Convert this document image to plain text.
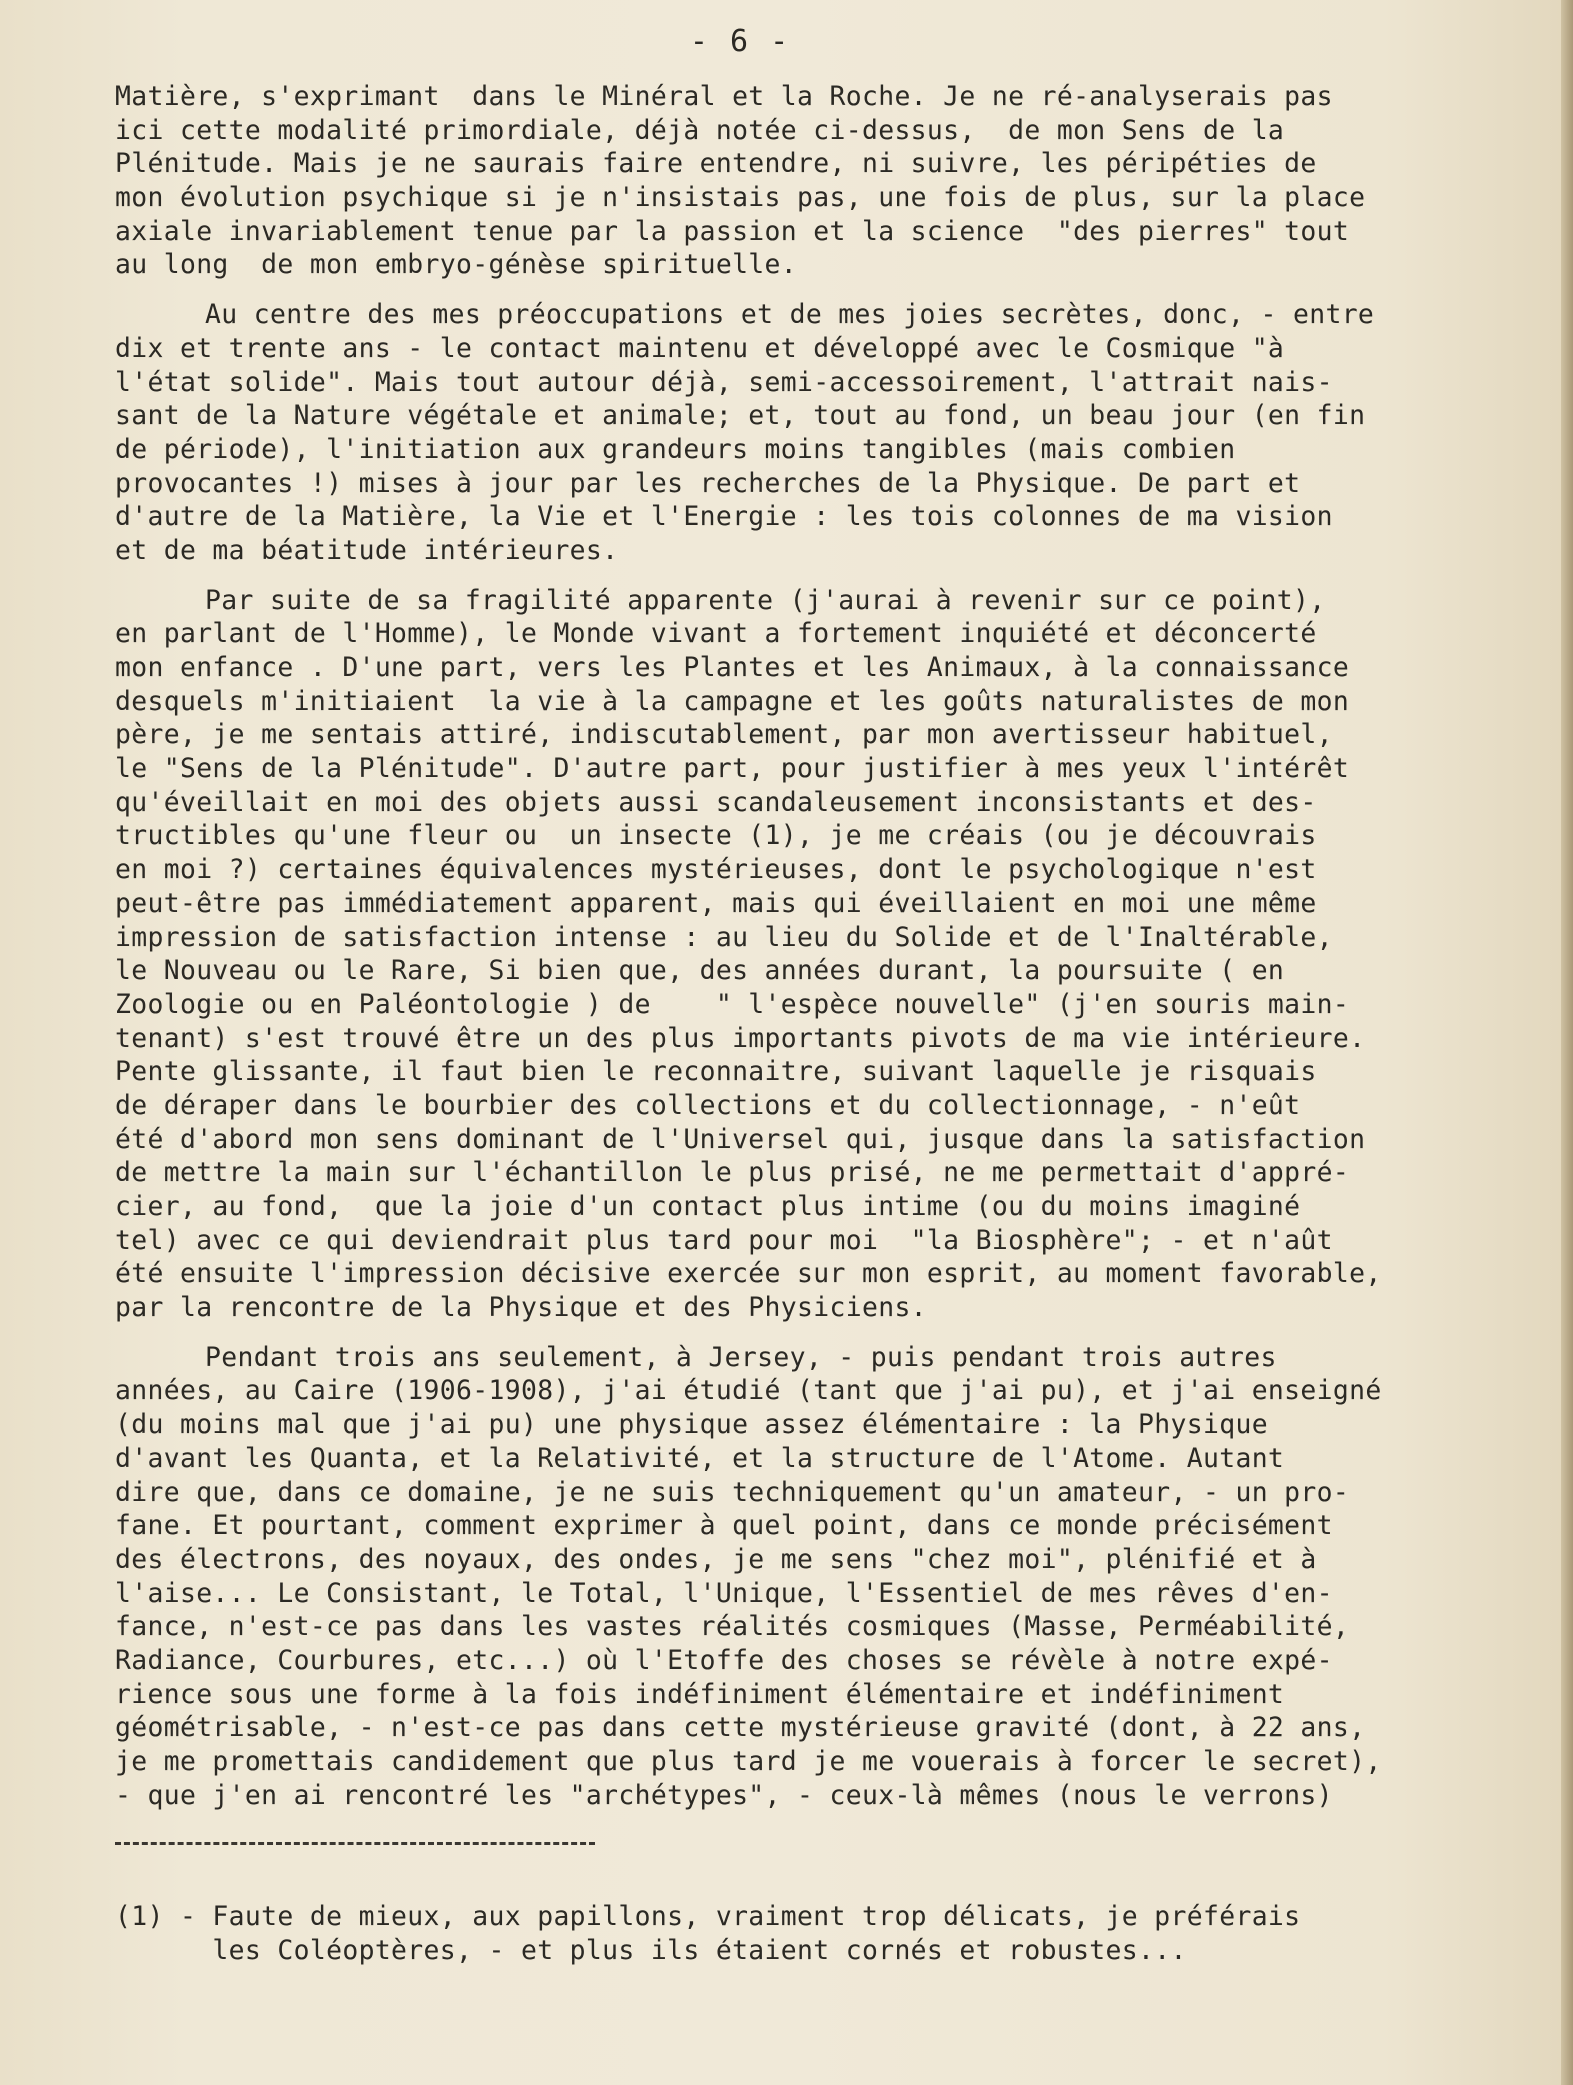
- 6 -
Matière, s'exprimant  dans le Minéral et la Roche. Je ne ré-analyserais pas
ici cette modalité primordiale, déjà notée ci-dessus,  de mon Sens de la
Plénitude. Mais je ne saurais faire entendre, ni suivre, les péripéties de
mon évolution psychique si je n'insistais pas, une fois de plus, sur la place
axiale invariablement tenue par la passion et la science  "des pierres" tout
au long  de mon embryo-génèse spirituelle.
Au centre des mes préoccupations et de mes joies secrètes, donc, - entre
dix et trente ans - le contact maintenu et développé avec le Cosmique "à
l'état solide". Mais tout autour déjà, semi-accessoirement, l'attrait nais-
sant de la Nature végétale et animale; et, tout au fond, un beau jour (en fin
de période), l'initiation aux grandeurs moins tangibles (mais combien
provocantes !) mises à jour par les recherches de la Physique. De part et
d'autre de la Matière, la Vie et l'Energie : les tois colonnes de ma vision
et de ma béatitude intérieures.
Par suite de sa fragilité apparente (j'aurai à revenir sur ce point),
en parlant de l'Homme), le Monde vivant a fortement inquiété et déconcerté
mon enfance . D'une part, vers les Plantes et les Animaux, à la connaissance
desquels m'initiaient  la vie à la campagne et les goûts naturalistes de mon
père, je me sentais attiré, indiscutablement, par mon avertisseur habituel,
le "Sens de la Plénitude". D'autre part, pour justifier à mes yeux l'intérêt
qu'éveillait en moi des objets aussi scandaleusement inconsistants et des-
tructibles qu'une fleur ou  un insecte (1), je me créais (ou je découvrais
en moi ?) certaines équivalences mystérieuses, dont le psychologique n'est
peut-être pas immédiatement apparent, mais qui éveillaient en moi une même
impression de satisfaction intense : au lieu du Solide et de l'Inaltérable,
le Nouveau ou le Rare, Si bien que, des années durant, la poursuite ( en
Zoologie ou en Paléontologie ) de    " l'espèce nouvelle" (j'en souris main-
tenant) s'est trouvé être un des plus importants pivots de ma vie intérieure.
Pente glissante, il faut bien le reconnaitre, suivant laquelle je risquais
de déraper dans le bourbier des collections et du collectionnage, - n'eût
été d'abord mon sens dominant de l'Universel qui, jusque dans la satisfaction
de mettre la main sur l'échantillon le plus prisé, ne me permettait d'appré-
cier, au fond,  que la joie d'un contact plus intime (ou du moins imaginé
tel) avec ce qui deviendrait plus tard pour moi  "la Biosphère"; - et n'aût
été ensuite l'impression décisive exercée sur mon esprit, au moment favorable,
par la rencontre de la Physique et des Physiciens.
Pendant trois ans seulement, à Jersey, - puis pendant trois autres
années, au Caire (1906-1908), j'ai étudié (tant que j'ai pu), et j'ai enseigné
(du moins mal que j'ai pu) une physique assez élémentaire : la Physique
d'avant les Quanta, et la Relativité, et la structure de l'Atome. Autant
dire que, dans ce domaine, je ne suis techniquement qu'un amateur, - un pro-
fane. Et pourtant, comment exprimer à quel point, dans ce monde précisément
des électrons, des noyaux, des ondes, je me sens "chez moi", plénifié et à
l'aise... Le Consistant, le Total, l'Unique, l'Essentiel de mes rêves d'en-
fance, n'est-ce pas dans les vastes réalités cosmiques (Masse, Perméabilité,
Radiance, Courbures, etc...) où l'Etoffe des choses se révèle à notre expé-
rience sous une forme à la fois indéfiniment élémentaire et indéfiniment
géométrisable, - n'est-ce pas dans cette mystérieuse gravité (dont, à 22 ans,
je me promettais candidement que plus tard je me vouerais à forcer le secret),
- que j'en ai rencontré les "archétypes", - ceux-là mêmes (nous le verrons)
(1) - Faute de mieux, aux papillons, vraiment trop délicats, je préférais
les Coléoptères, - et plus ils étaient cornés et robustes...
